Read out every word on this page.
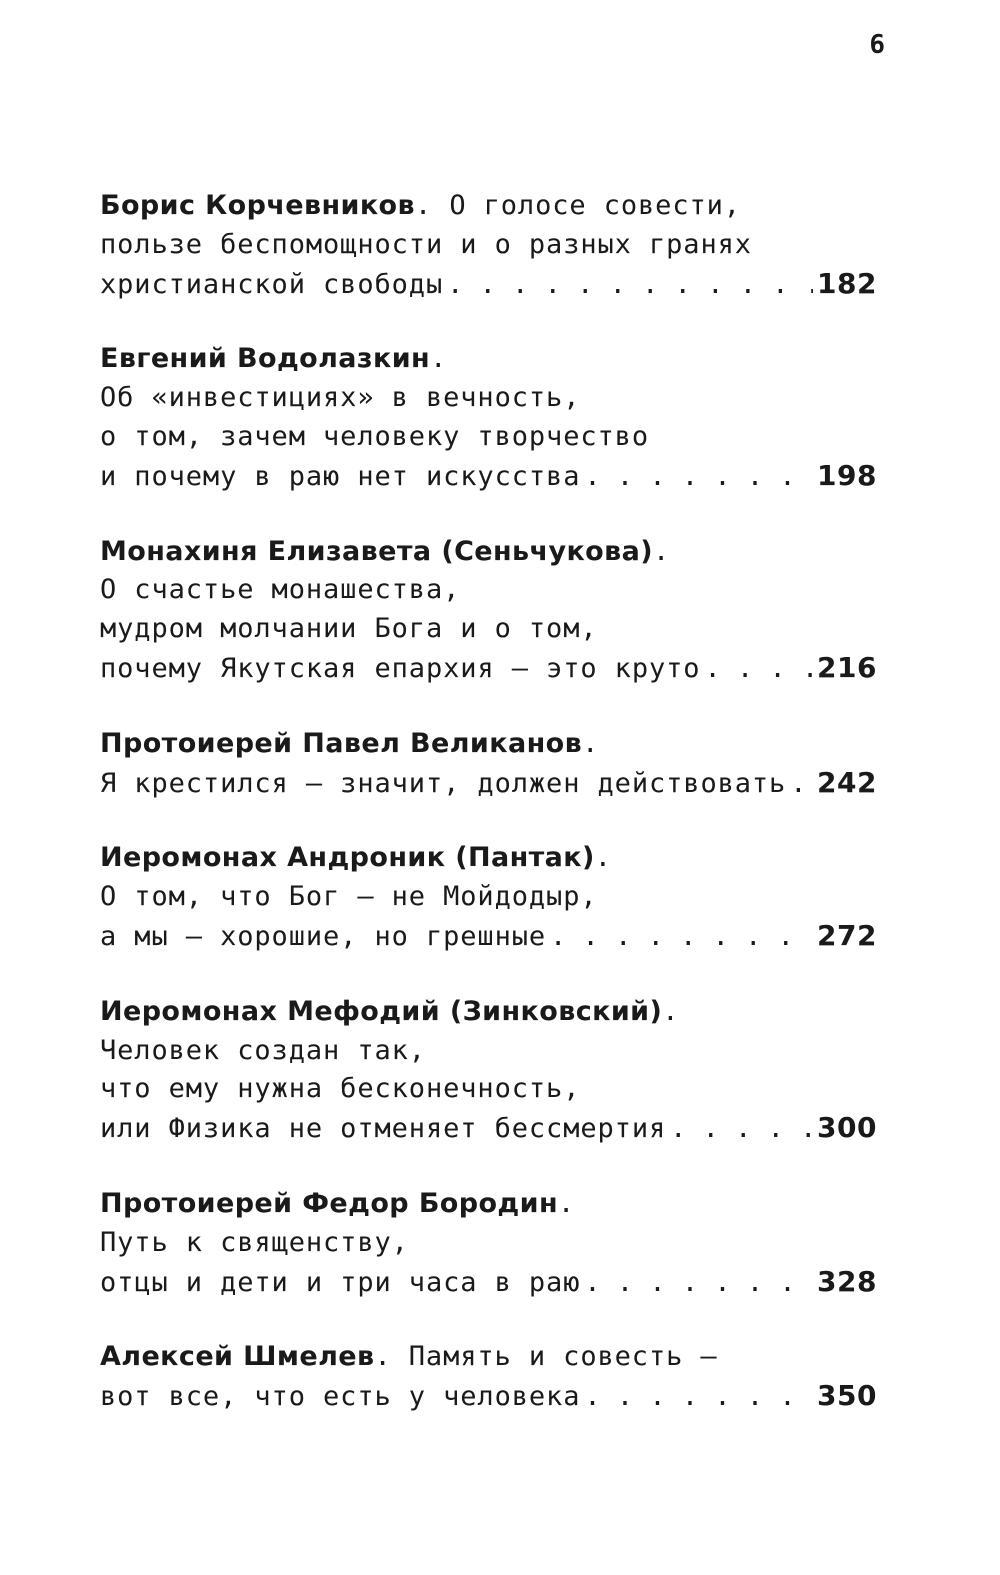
6
Борис Корчевников. О голосе совести,
пользе беспомощности и о разных гранях
христианской свободы . . .	182
Евгений Водолазкин.
Об «инвестициях» в вечность,
о том, зачем человеку творчество
и почему в раю нет искусства . . .	198
Монахиня Елизавета (Сеньчукова).
О счастье монашества,
мудром молчании Бога и о том,
почему Якутская епархия — это круто . . .	216
Протоиерей Павел Великанов.
Я крестился — значит, должен действовать . . . 242
Иеромонах Андроник (Пантак).
О том, что Бог — не Мойдодыр,
а мы — хорошие, но грешные . . .	272
Иеромонах Мефодий (Зинковский).
Человек создан так,
что ему нужна бесконечность,
или Физика не отменяет бессмертия . . .	300
Протоиерей Федор Бородин.
Путь к священству,
отцы и дети и три часа в раю . . .	328
Алексей Шмелев. Память и совесть —
вот все, что есть у человека . . .	350
